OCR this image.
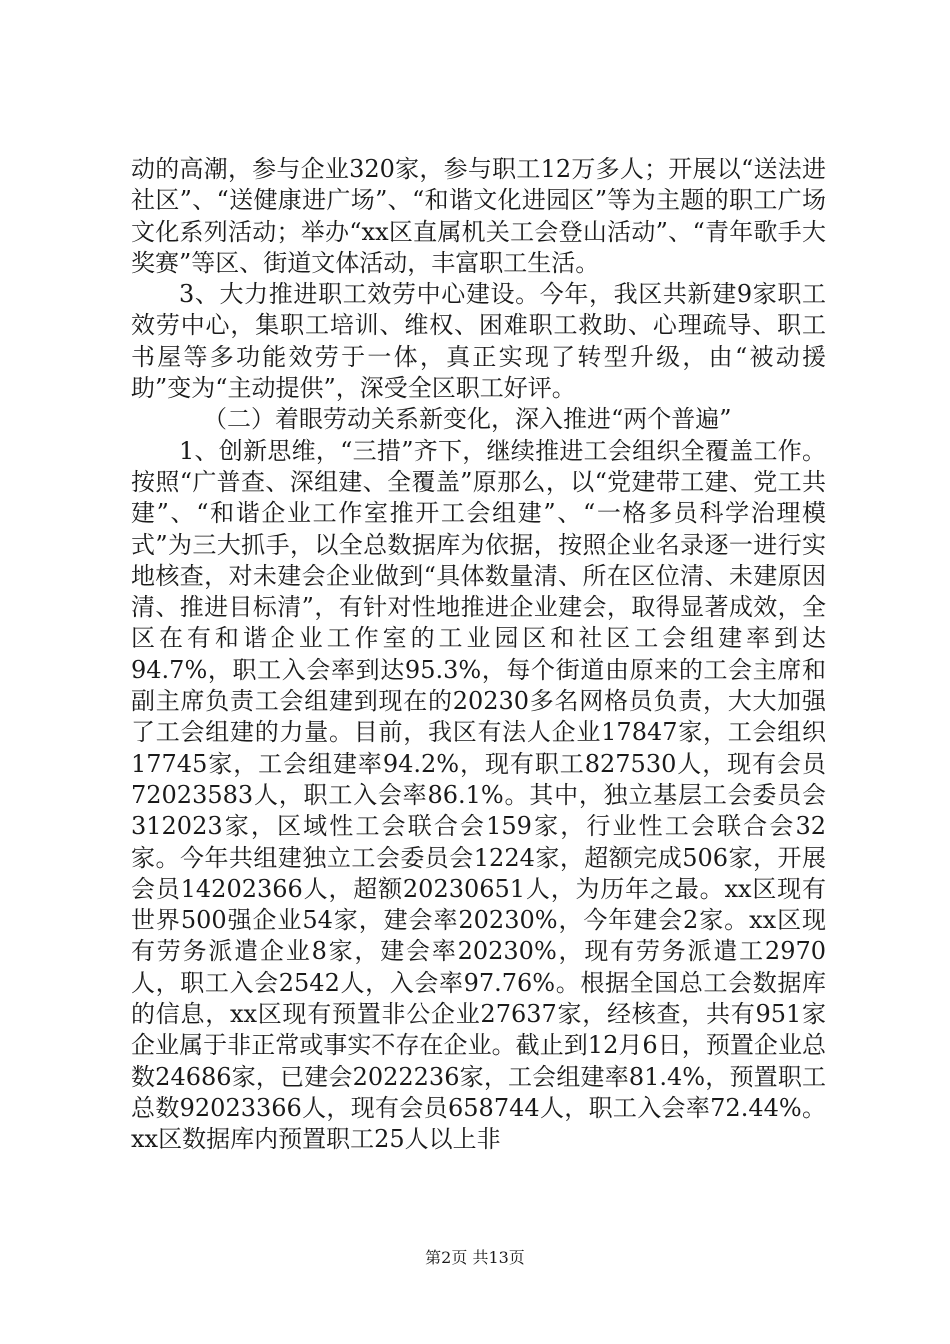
动的高潮，参与企业320家，参与职工12万多人；开展以“送法进社区”、“送健康进广场”、“和谐文化进园区”等为主题的职工广场文化系列活动；举办“xx区直属机关工会登山活动”、“青年歌手大奖赛”等区、街道文体活动，丰富职工生活。

3、大力推进职工效劳中心建设。今年，我区共新建9家职工效劳中心，集职工培训、维权、困难职工救助、心理疏导、职工书屋等多功能效劳于一体，真正实现了转型升级，由“被动援助”变为“主动提供”，深受全区职工好评。

（二）着眼劳动关系新变化，深入推进“两个普遍”

1、创新思维，“三措”齐下，继续推进工会组织全覆盖工作。按照“广普查、深组建、全覆盖”原那么，以“党建带工建、党工共建”、“和谐企业工作室推开工会组建”、“一格多员科学治理模式”为三大抓手，以全总数据库为依据，按照企业名录逐一进行实地核查，对未建会企业做到“具体数量清、所在区位清、未建原因清、推进目标清”，有针对性地推进企业建会，取得显著成效，全区在有和谐企业工作室的工业园区和社区工会组建率到达94.7%，职工入会率到达95.3%，每个街道由原来的工会主席和副主席负责工会组建到现在的20230多名网格员负责，大大加强了工会组建的力量。目前，我区有法人企业17847家，工会组织17745家，工会组建率94.2%，现有职工827530人，现有会员72023583人，职工入会率86.1%。其中，独立基层工会委员会312023家，区域性工会联合会159家，行业性工会联合会32家。今年共组建独立工会委员会1224家，超额完成506家，开展会员14202366人，超额20230651人，为历年之最。xx区现有世界500强企业54家，建会率20230%，今年建会2家。xx区现有劳务派遣企业8家，建会率20230%，现有劳务派遣工2970人，职工入会2542人，入会率97.76%。根据全国总工会数据库的信息，xx区现有预置非公企业27637家，经核查，共有951家企业属于非正常或事实不存在企业。截止到12月6日，预置企业总数24686家，已建会2022236家，工会组建率81.4%，预置职工总数92023366人，现有会员658744人，职工入会率72.44%。xx区数据库内预置职工25人以上非

第2页 共13页
